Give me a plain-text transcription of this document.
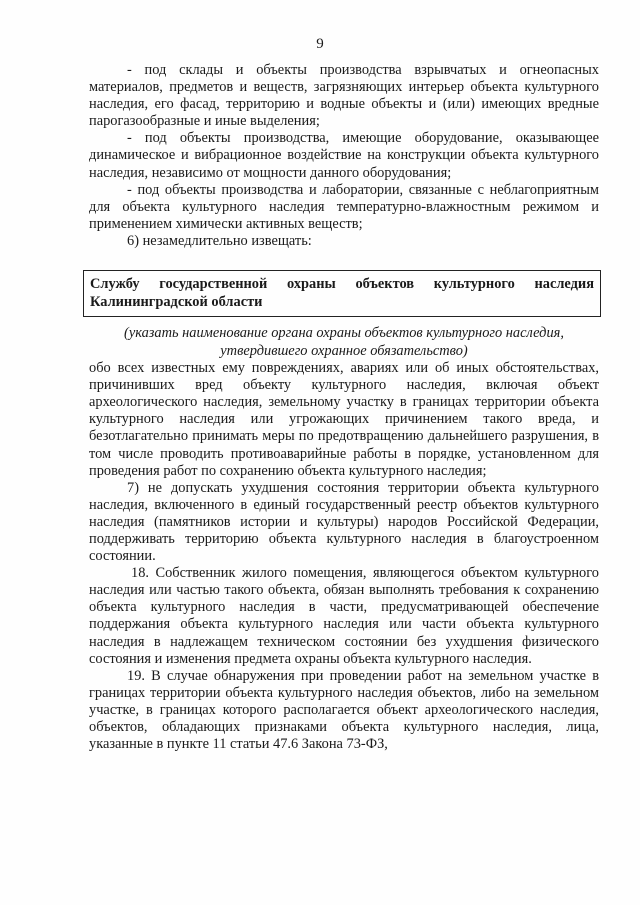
9

- под склады и объекты производства взрывчатых и огнеопасных материалов, предметов и веществ, загрязняющих интерьер объекта культурного наследия, его фасад, территорию и водные объекты и (или) имеющих вредные парогазообразные и иные выделения;

- под объекты производства, имеющие оборудование, оказывающее динамическое и вибрационное воздействие на конструкции объекта культурного наследия, независимо от мощности данного оборудования;

- под объекты производства и лаборатории, связанные с неблагоприятным для объекта культурного наследия температурно-влажностным режимом и применением химически активных веществ;

6) незамедлительно извещать:

Службу государственной охраны объектов культурного наследия Калининградской области
(указать наименование органа охраны объектов культурного наследия, утвердившего охранное обязательство)

обо всех известных ему повреждениях, авариях или об иных обстоятельствах, причинивших вред объекту культурного наследия, включая объект археологического наследия, земельному участку в границах территории объекта культурного наследия или угрожающих причинением такого вреда, и безотлагательно принимать меры по предотвращению дальнейшего разрушения, в том числе проводить противоаварийные работы в порядке, установленном для проведения работ по сохранению объекта культурного наследия;

7) не допускать ухудшения состояния территории объекта культурного наследия, включенного в единый государственный реестр объектов культурного наследия (памятников истории и культуры) народов Российской Федерации, поддерживать территорию объекта культурного наследия в благоустроенном состоянии.

18. Собственник жилого помещения, являющегося объектом культурного наследия или частью такого объекта, обязан выполнять требования к сохранению объекта культурного наследия в части, предусматривающей обеспечение поддержания объекта культурного наследия или части объекта культурного наследия в надлежащем техническом состоянии без ухудшения физического состояния и изменения предмета охраны объекта культурного наследия.

19. В случае обнаружения при проведении работ на земельном участке в границах территории объекта культурного наследия объектов, либо на земельном участке, в границах которого располагается объект археологического наследия, объектов, обладающих признаками объекта культурного наследия, лица, указанные в пункте 11 статьи 47.6 Закона 73-ФЗ,
